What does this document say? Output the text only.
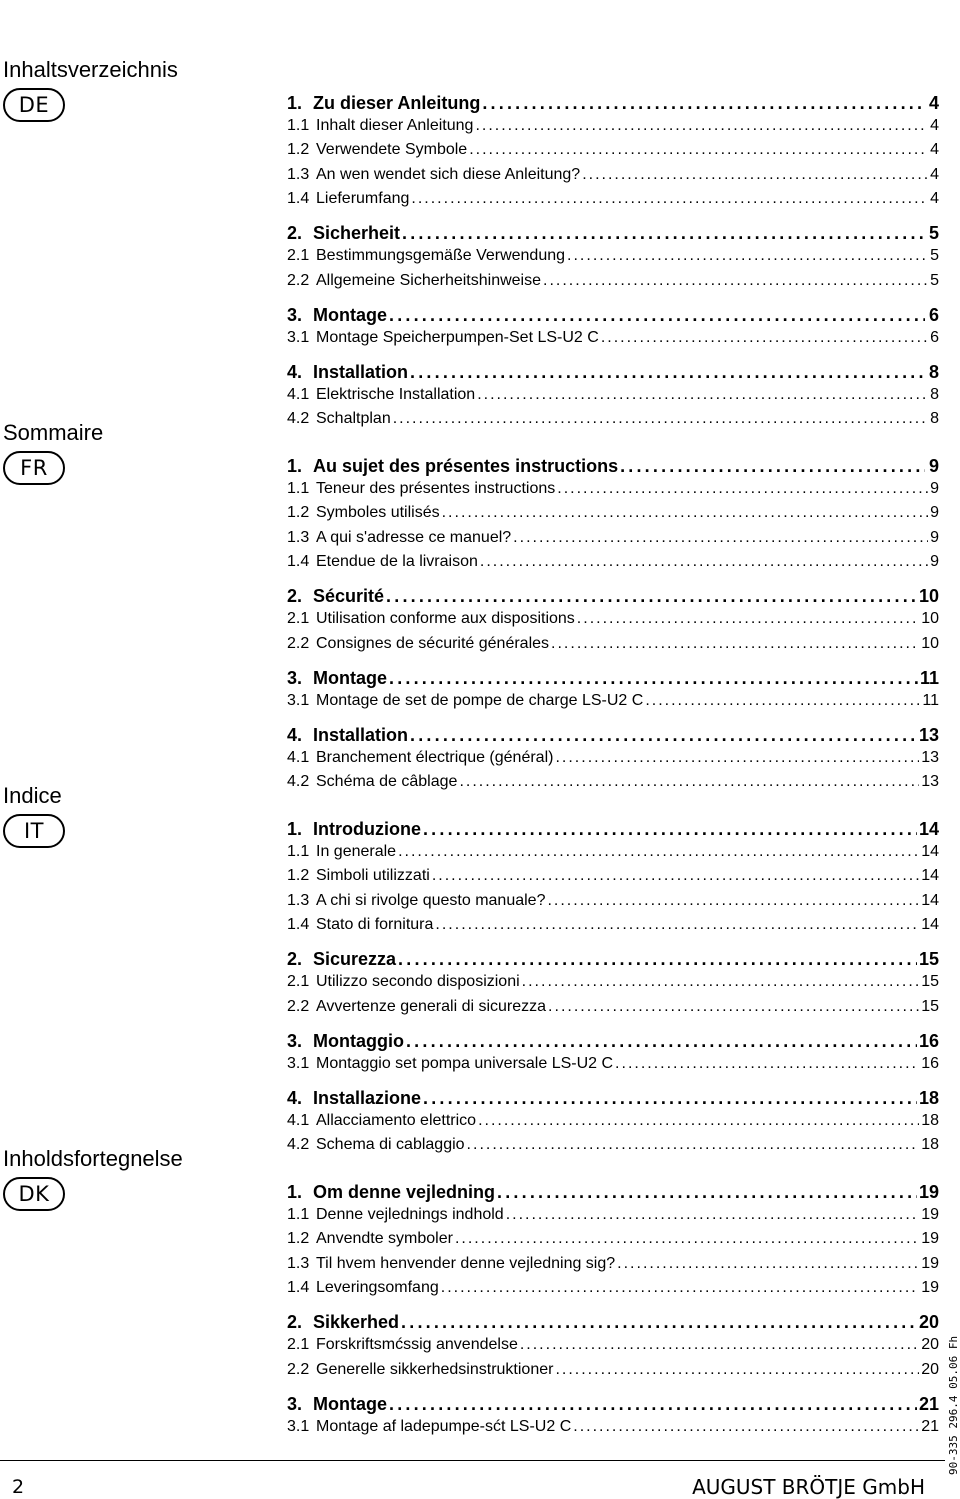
Inhaltsverzeichnis
DE	1. Zu dieser Anleitung .....	4
1.1 Inhalt dieser Anleitung .....	4
1.2 Verwendete Symbole .....	4
1.3 An wen wendet sich diese Anleitung? .....	4
1.4 Lieferumfang .....	4
2. Sicherheit .....	5
2.1 Bestimmungsgemäße Verwendung .....	5
2.2 Allgemeine Sicherheitshinweise .....	5
3. Montage .....	6
3.1 Montage Speicherpumpen-Set LS-U2 C .....	6
4. Installation .....	8
4.1 Elektrische Installation .....	8
4.2 Schaltplan .....	8
Sommaire
FR	1. Au sujet des présentes instructions .....	9
1.1 Teneur des présentes instructions .....	9
1.2 Symboles utilisés .....	9
1.3 A qui s'adresse ce manuel? .....	9
1.4 Etendue de la livraison .....	9
2. Sécurité .....	10
2.1 Utilisation conforme aux dispositions .....	10
2.2 Consignes de sécurité générales .....	10
3. Montage .....	11
3.1 Montage de set de pompe de charge LS-U2 C .....	11
4. Installation .....	13
4.1 Branchement électrique (général) .....	13
4.2 Schéma de câblage .....	13
Indice
IT	1. Introduzione .....	14
1.1 In generale .....	14
1.2 Simboli utilizzati .....	14
1.3 A chi si rivolge questo manuale? .....	14
1.4 Stato di fornitura .....	14
2. Sicurezza .....	15
2.1 Utilizzo secondo disposizioni .....	15
2.2 Avvertenze generali di sicurezza .....	15
3. Montaggio .....	16
3.1 Montaggio set pompa universale LS-U2 C .....	16
4. Installazione .....	18
4.1 Allacciamento elettrico .....	18
4.2 Schema di cablaggio .....	18
Inholdsfortegnelse
DK	1. Om denne vejledning .....	19
1.1 Denne vejlednings indhold .....	19
1.2 Anvendte symboler .....	19
1.3 Til hvem henvender denne vejledning sig? .....	19
1.4 Leveringsomfang .....	19
2. Sikkerhed .....	20
2.1 Forskriftsmćssig anvendelse .....	20
2.2 Generelle sikkerhedsinstruktioner .....	20
3. Montage .....	21
3.1 Montage af ladepumpe-sćt LS-U2 C .....	21 90-335 296.4 05.06 Fh
2	AUGUST BRÖTJE GmbH
